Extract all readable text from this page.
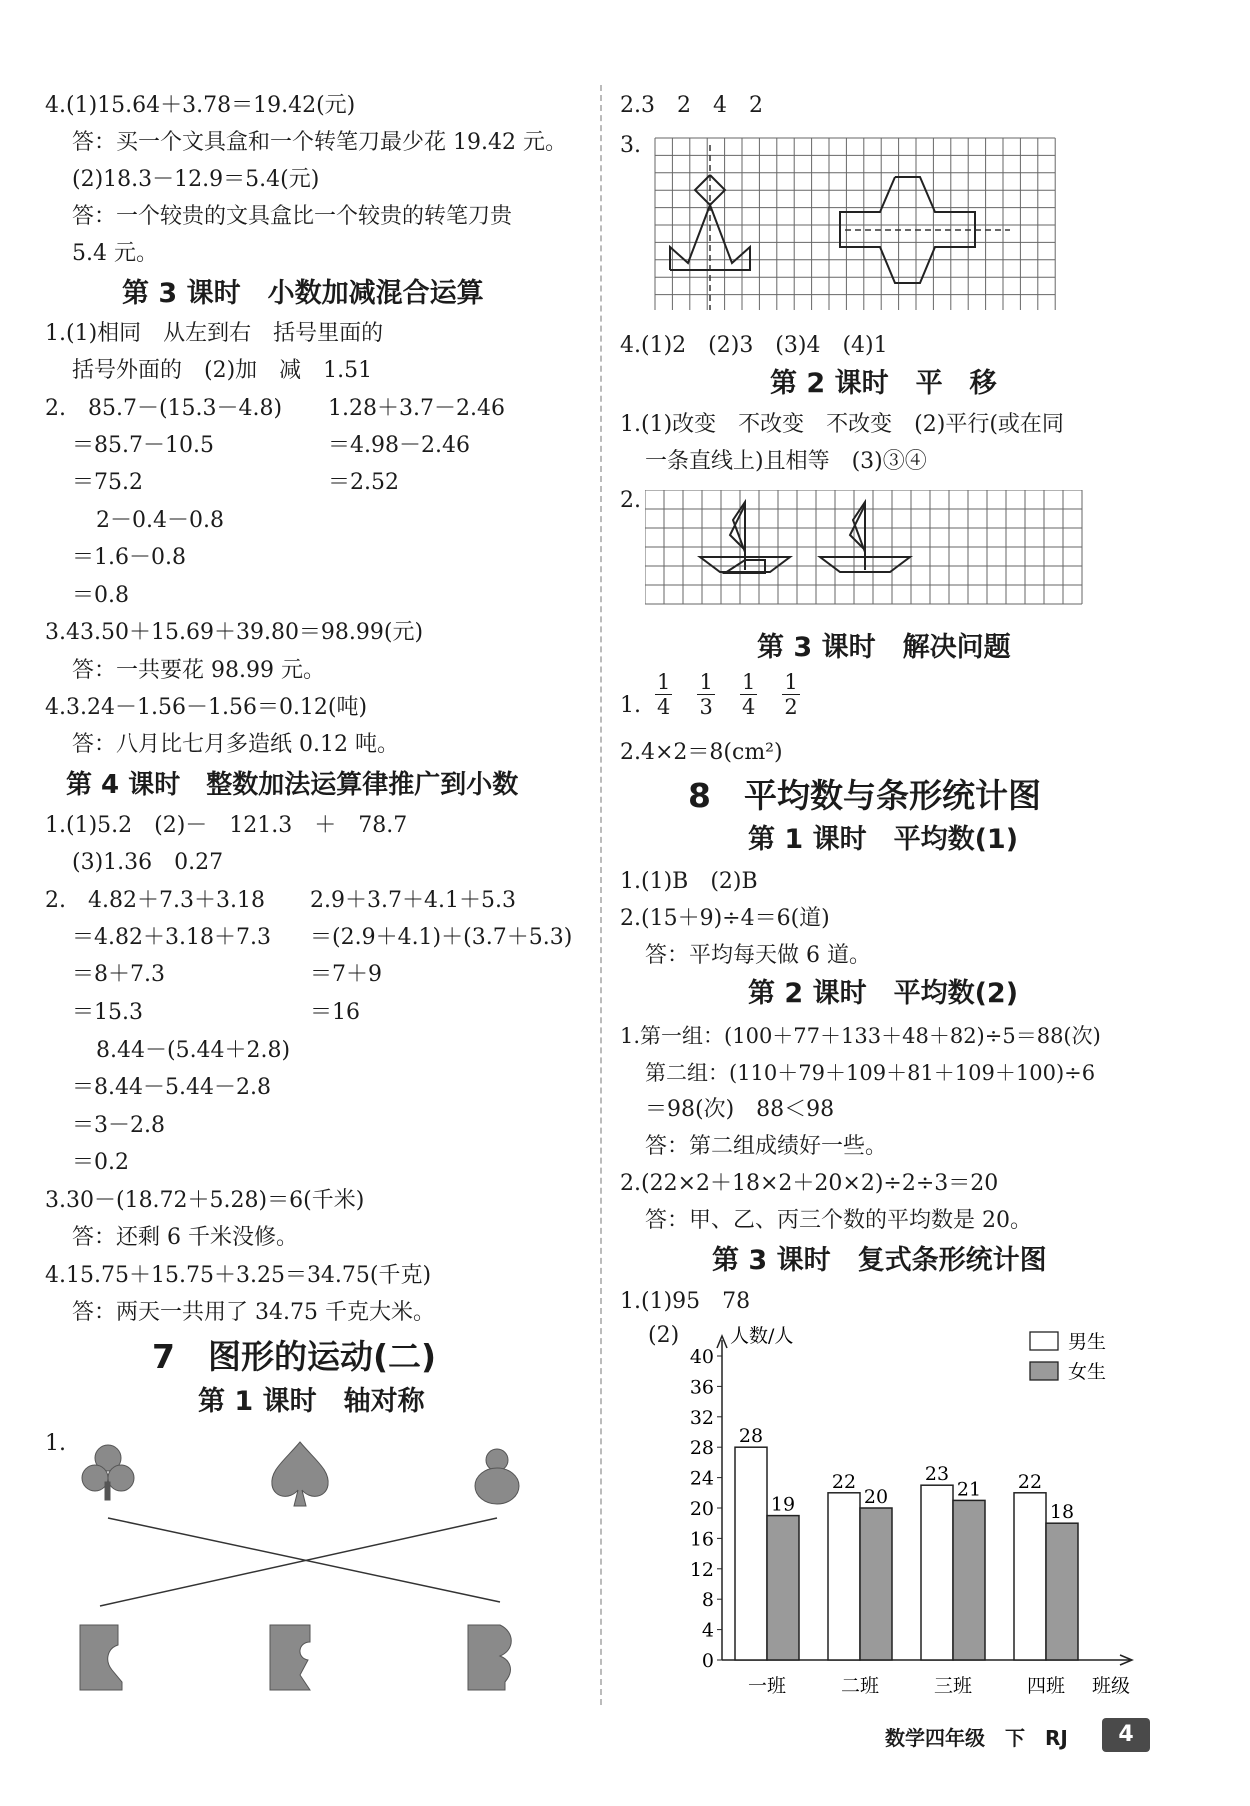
4.(1)15.64＋3.78＝19.42(元)
答：买一个文具盒和一个转笔刀最少花 19.42 元。
(2)18.3－12.9＝5.4(元)
答：一个较贵的文具盒比一个较贵的转笔刀贵
5.4 元。
第 3 课时　小数加减混合运算
1.(1)相同　从左到右　括号里面的
括号外面的　(2)加　减　1.51
2.　85.7－(15.3－4.8) 1.28＋3.7－2.46
＝85.7－10.5	＝4.98－2.46
＝75.2	＝2.52
2－0.4－0.8
＝1.6－0.8
＝0.8
3.43.50＋15.69＋39.80＝98.99(元)
答：一共要花 98.99 元。
4.3.24－1.56－1.56＝0.12(吨)
答：八月比七月多造纸 0.12 吨。
第 4 课时　整数加法运算律推广到小数
1.(1)5.2　(2)－　121.3　＋　78.7
(3)1.36　0.27
2.　4.82＋7.3＋3.18 2.9＋3.7＋4.1＋5.3
＝4.82＋3.18＋7.3 ＝(2.9＋4.1)＋(3.7＋5.3)
＝8＋7.3	＝7＋9
＝15.3	＝16
8.44－(5.44＋2.8)
＝8.44－5.44－2.8
＝3－2.8
＝0.2
3.30－(18.72＋5.28)＝6(千米)
答：还剩 6 千米没修。
4.15.75＋15.75＋3.25＝34.75(千克)
答：两天一共用了 34.75 千克大米。
7　图形的运动(二)
第 1 课时　轴对称
1.
2.3　2　4　2
3.
4.(1)2　(2)3　(3)4　(4)1
第 2 课时　平　移
1.(1)改变　不改变　不改变　(2)平行(或在同
一条直线上)且相等　(3)③④
2.
第 3 课时　解决问题
1. $\frac{1}{4}$
$\frac{1}{3}$
$\frac{1}{4}$
$\frac{1}{2}$
2.4×2＝8(cm²)
8　平均数与条形统计图
第 1 课时　平均数(1)
1.(1)B　(2)B
2.(15＋9)÷4＝6(道)
答：平均每天做 6 道。
第 2 课时　平均数(2)
1.第一组：(100＋77＋133＋48＋82)÷5＝88(次)
第二组：(110＋79＋109＋81＋109＋100)÷6
＝98(次)　88＜98
答：第二组成绩好一些。
2.(22×2＋18×2＋20×2)÷2÷3＝20
答：甲、乙、丙三个数的平均数是 20。
第 3 课时　复式条形统计图
1.(1)95　78
(2)
0
4
8
12
16
20
24
28
32
36
40
人数/人
班级
28
19
一班
22
20
二班
23
21
三班
22
18
四班
男生
女生
数学四年级　下　RJ	4
